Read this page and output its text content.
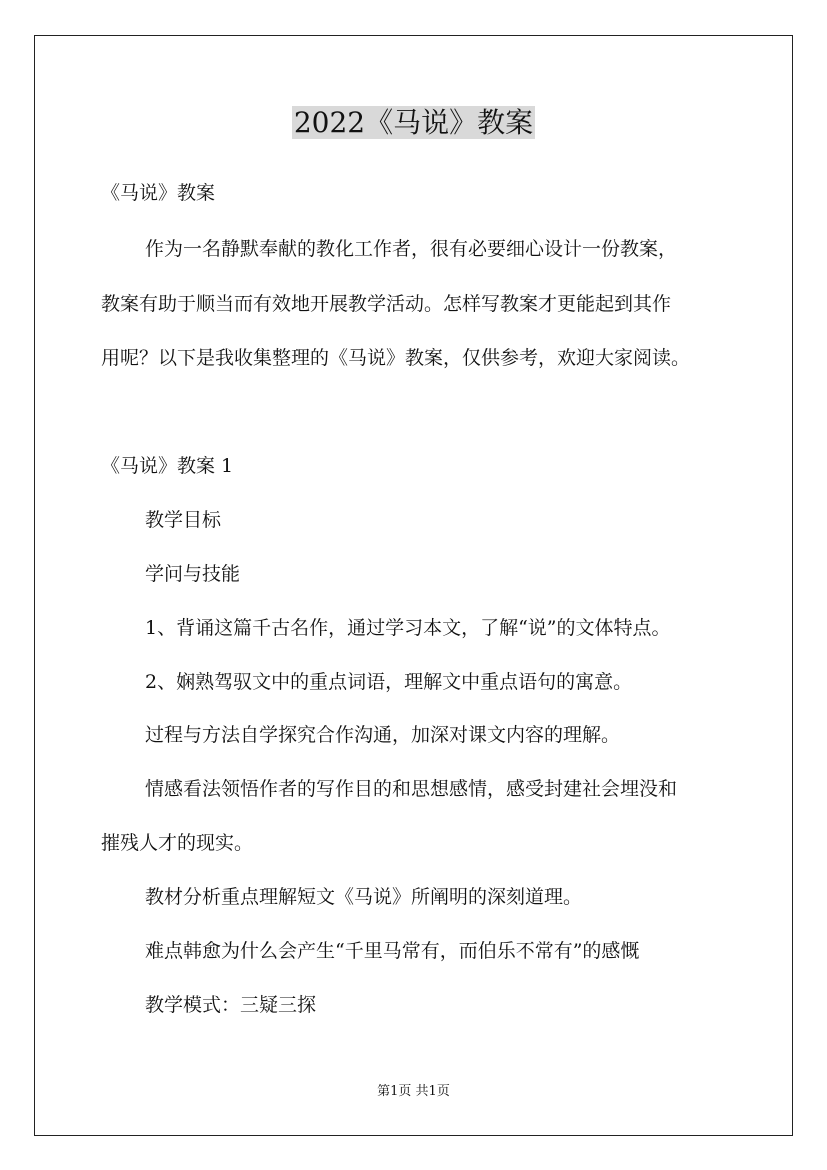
2022《马说》教案
《马说》教案
作为一名静默奉献的教化工作者，很有必要细心设计一份教案，
教案有助于顺当而有效地开展教学活动。怎样写教案才更能起到其作
用呢？以下是我收集整理的《马说》教案，仅供参考，欢迎大家阅读。
《马说》教案 1
教学目标
学问与技能
1、背诵这篇千古名作，通过学习本文，了解“说”的文体特点。
2、娴熟驾驭文中的重点词语，理解文中重点语句的寓意。
过程与方法自学探究合作沟通，加深对课文内容的理解。
情感看法领悟作者的写作目的和思想感情，感受封建社会埋没和
摧残人才的现实。
教材分析重点理解短文《马说》所阐明的深刻道理。
难点韩愈为什么会产生“千里马常有，而伯乐不常有”的感慨
教学模式：三疑三探
第1页 共1页
